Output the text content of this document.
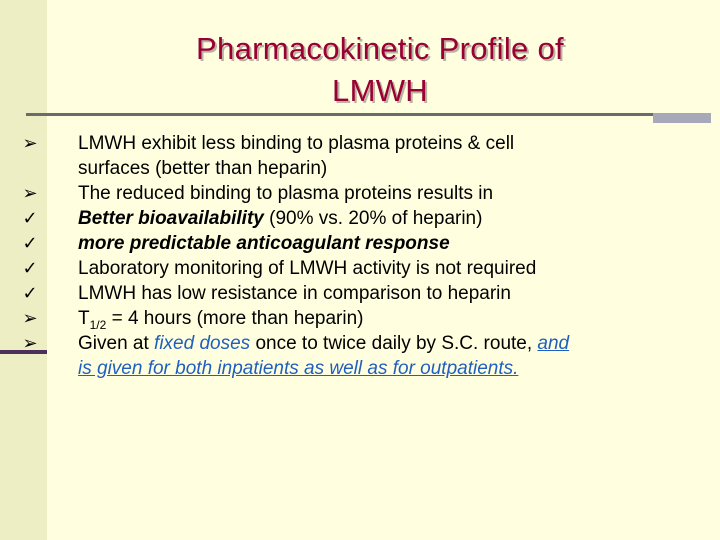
Pharmacokinetic Profile of
LMWH
➢ LMWH exhibit less binding to plasma proteins & cell
surfaces (better than heparin)
➢ The reduced binding to plasma proteins results in
✓ Better bioavailability (90% vs. 20% of heparin)
✓ more predictable anticoagulant response
✓ Laboratory monitoring of LMWH activity is not required
✓ LMWH has low resistance in comparison to heparin
➢ $T_{1/2} = 4$ hours (more than heparin)
➢ Given at fixed doses once to twice daily by S.C. route, and
is given for both inpatients as well as for outpatients.
